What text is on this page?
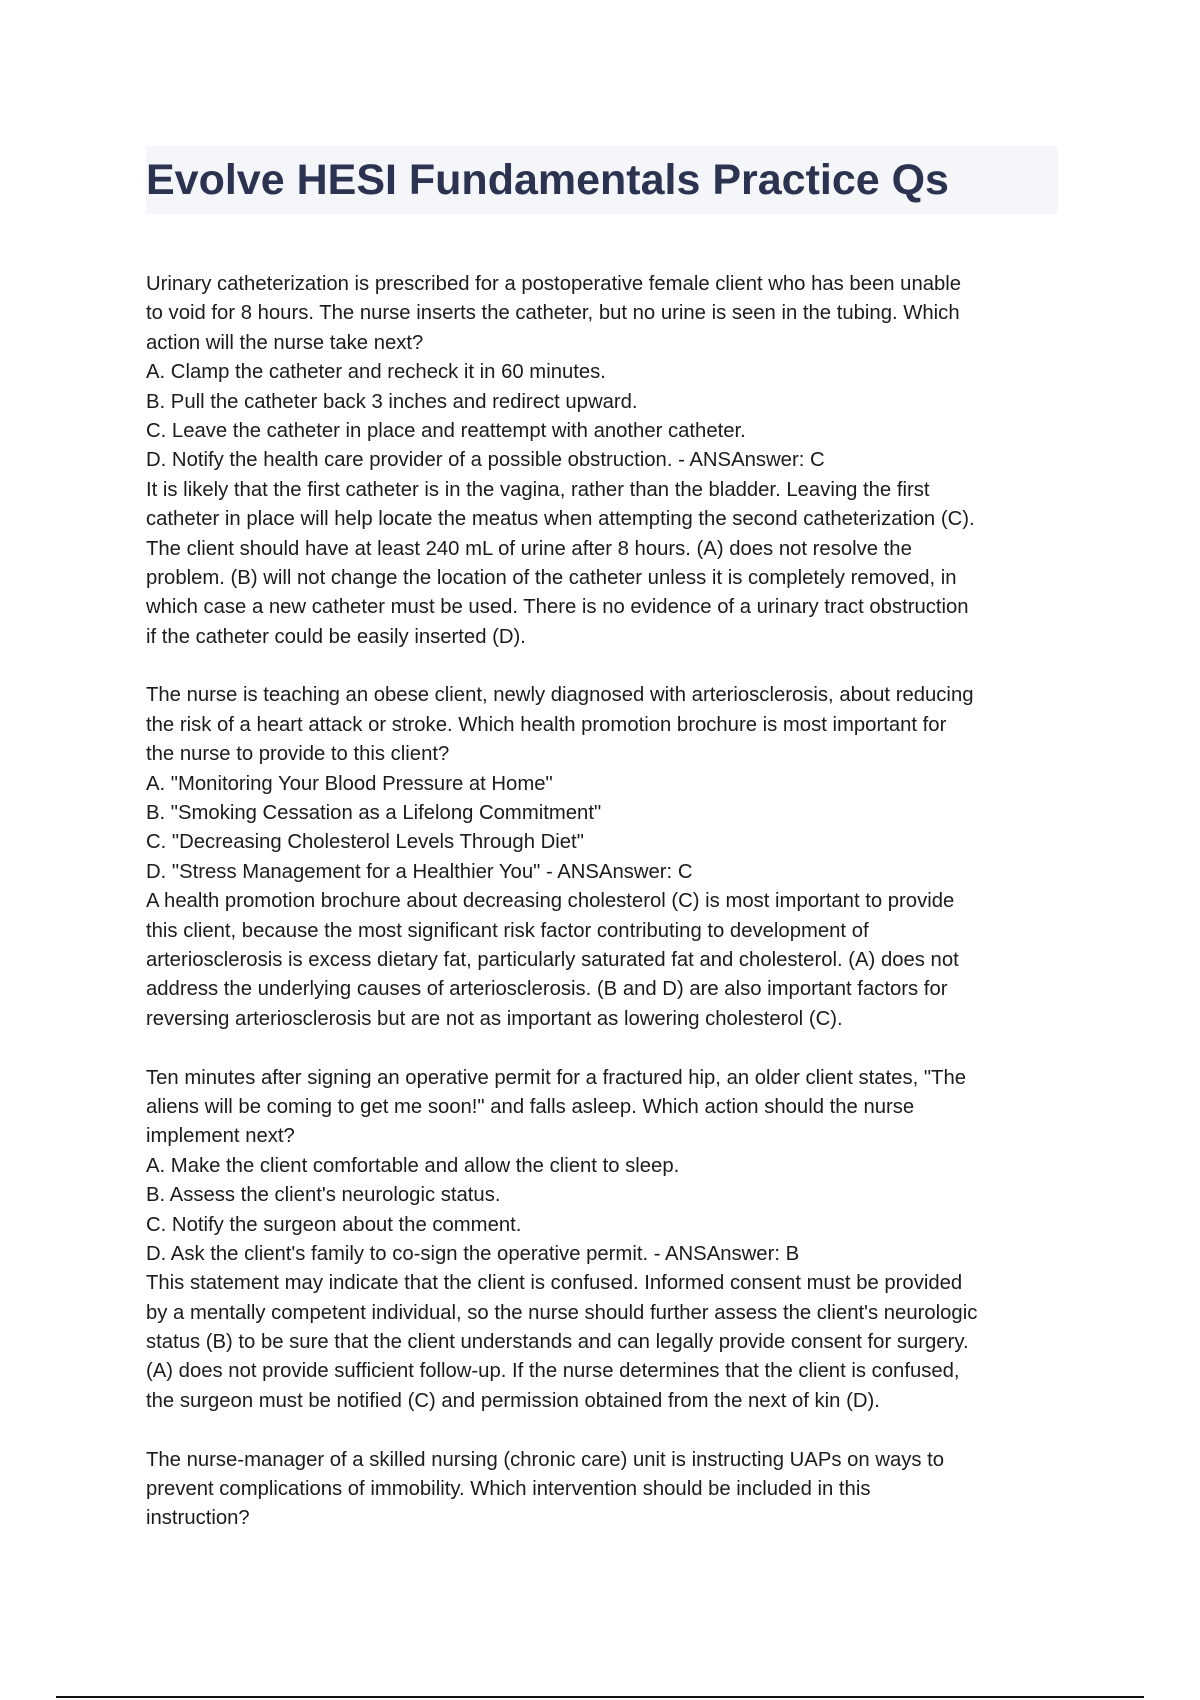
Evolve HESI Fundamentals Practice Qs
Urinary catheterization is prescribed for a postoperative female client who has been unable
to void for 8 hours. The nurse inserts the catheter, but no urine is seen in the tubing. Which
action will the nurse take next?
A. Clamp the catheter and recheck it in 60 minutes.
B. Pull the catheter back 3 inches and redirect upward.
C. Leave the catheter in place and reattempt with another catheter.
D. Notify the health care provider of a possible obstruction. - ANSAnswer: C
It is likely that the first catheter is in the vagina, rather than the bladder. Leaving the first
catheter in place will help locate the meatus when attempting the second catheterization (C).
The client should have at least 240 mL of urine after 8 hours. (A) does not resolve the
problem. (B) will not change the location of the catheter unless it is completely removed, in
which case a new catheter must be used. There is no evidence of a urinary tract obstruction
if the catheter could be easily inserted (D).
The nurse is teaching an obese client, newly diagnosed with arteriosclerosis, about reducing
the risk of a heart attack or stroke. Which health promotion brochure is most important for
the nurse to provide to this client?
A. "Monitoring Your Blood Pressure at Home"
B. "Smoking Cessation as a Lifelong Commitment"
C. "Decreasing Cholesterol Levels Through Diet"
D. "Stress Management for a Healthier You" - ANSAnswer: C
A health promotion brochure about decreasing cholesterol (C) is most important to provide
this client, because the most significant risk factor contributing to development of
arteriosclerosis is excess dietary fat, particularly saturated fat and cholesterol. (A) does not
address the underlying causes of arteriosclerosis. (B and D) are also important factors for
reversing arteriosclerosis but are not as important as lowering cholesterol (C).
Ten minutes after signing an operative permit for a fractured hip, an older client states, "The
aliens will be coming to get me soon!" and falls asleep. Which action should the nurse
implement next?
A. Make the client comfortable and allow the client to sleep.
B. Assess the client's neurologic status.
C. Notify the surgeon about the comment.
D. Ask the client's family to co-sign the operative permit. - ANSAnswer: B
This statement may indicate that the client is confused. Informed consent must be provided
by a mentally competent individual, so the nurse should further assess the client's neurologic
status (B) to be sure that the client understands and can legally provide consent for surgery.
(A) does not provide sufficient follow-up. If the nurse determines that the client is confused,
the surgeon must be notified (C) and permission obtained from the next of kin (D).
The nurse-manager of a skilled nursing (chronic care) unit is instructing UAPs on ways to
prevent complications of immobility. Which intervention should be included in this
instruction?
